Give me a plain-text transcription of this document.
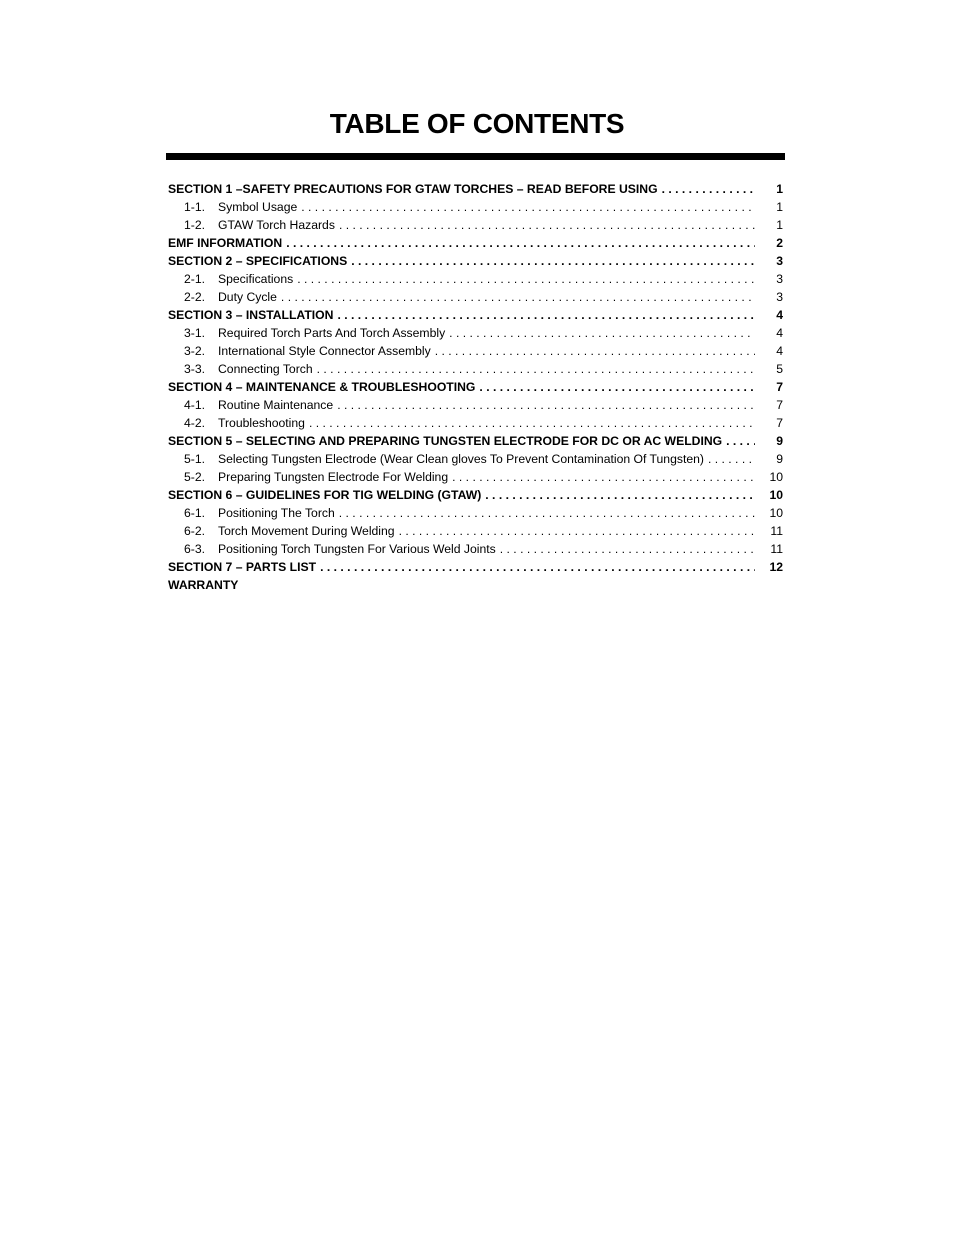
TABLE OF CONTENTS
SECTION 1 –SAFETY PRECAUTIONS FOR GTAW TORCHES – READ BEFORE USING . . .	1
1-1.	Symbol Usage . . .	1
1-2.	GTAW Torch Hazards . . .	1
EMF INFORMATION . . .	2
SECTION 2 – SPECIFICATIONS . . .	3
2-1.	Specifications . . .	3
2-2.	Duty Cycle . . .	3
SECTION 3 – INSTALLATION . . .	4
3-1.	Required Torch Parts And Torch Assembly . . .	4
3-2.	International Style Connector Assembly . . .	4
3-3.	Connecting Torch . . .	5
SECTION 4 – MAINTENANCE & TROUBLESHOOTING . . .	7
4-1.	Routine Maintenance . . .	7
4-2.	Troubleshooting . . .	7
SECTION 5 – SELECTING AND PREPARING TUNGSTEN ELECTRODE FOR DC OR AC WELDING . . .	9
5-1.	Selecting Tungsten Electrode (Wear Clean gloves To Prevent Contamination Of Tungsten) . . .	9
5-2.	Preparing Tungsten Electrode For Welding . . .	10
SECTION 6 – GUIDELINES FOR TIG WELDING (GTAW) . . .	10
6-1.	Positioning The Torch . . .	10
6-2.	Torch Movement During Welding . . .	11
6-3.	Positioning Torch Tungsten For Various Weld Joints . . .	11
SECTION 7 – PARTS LIST . . .	12
WARRANTY
